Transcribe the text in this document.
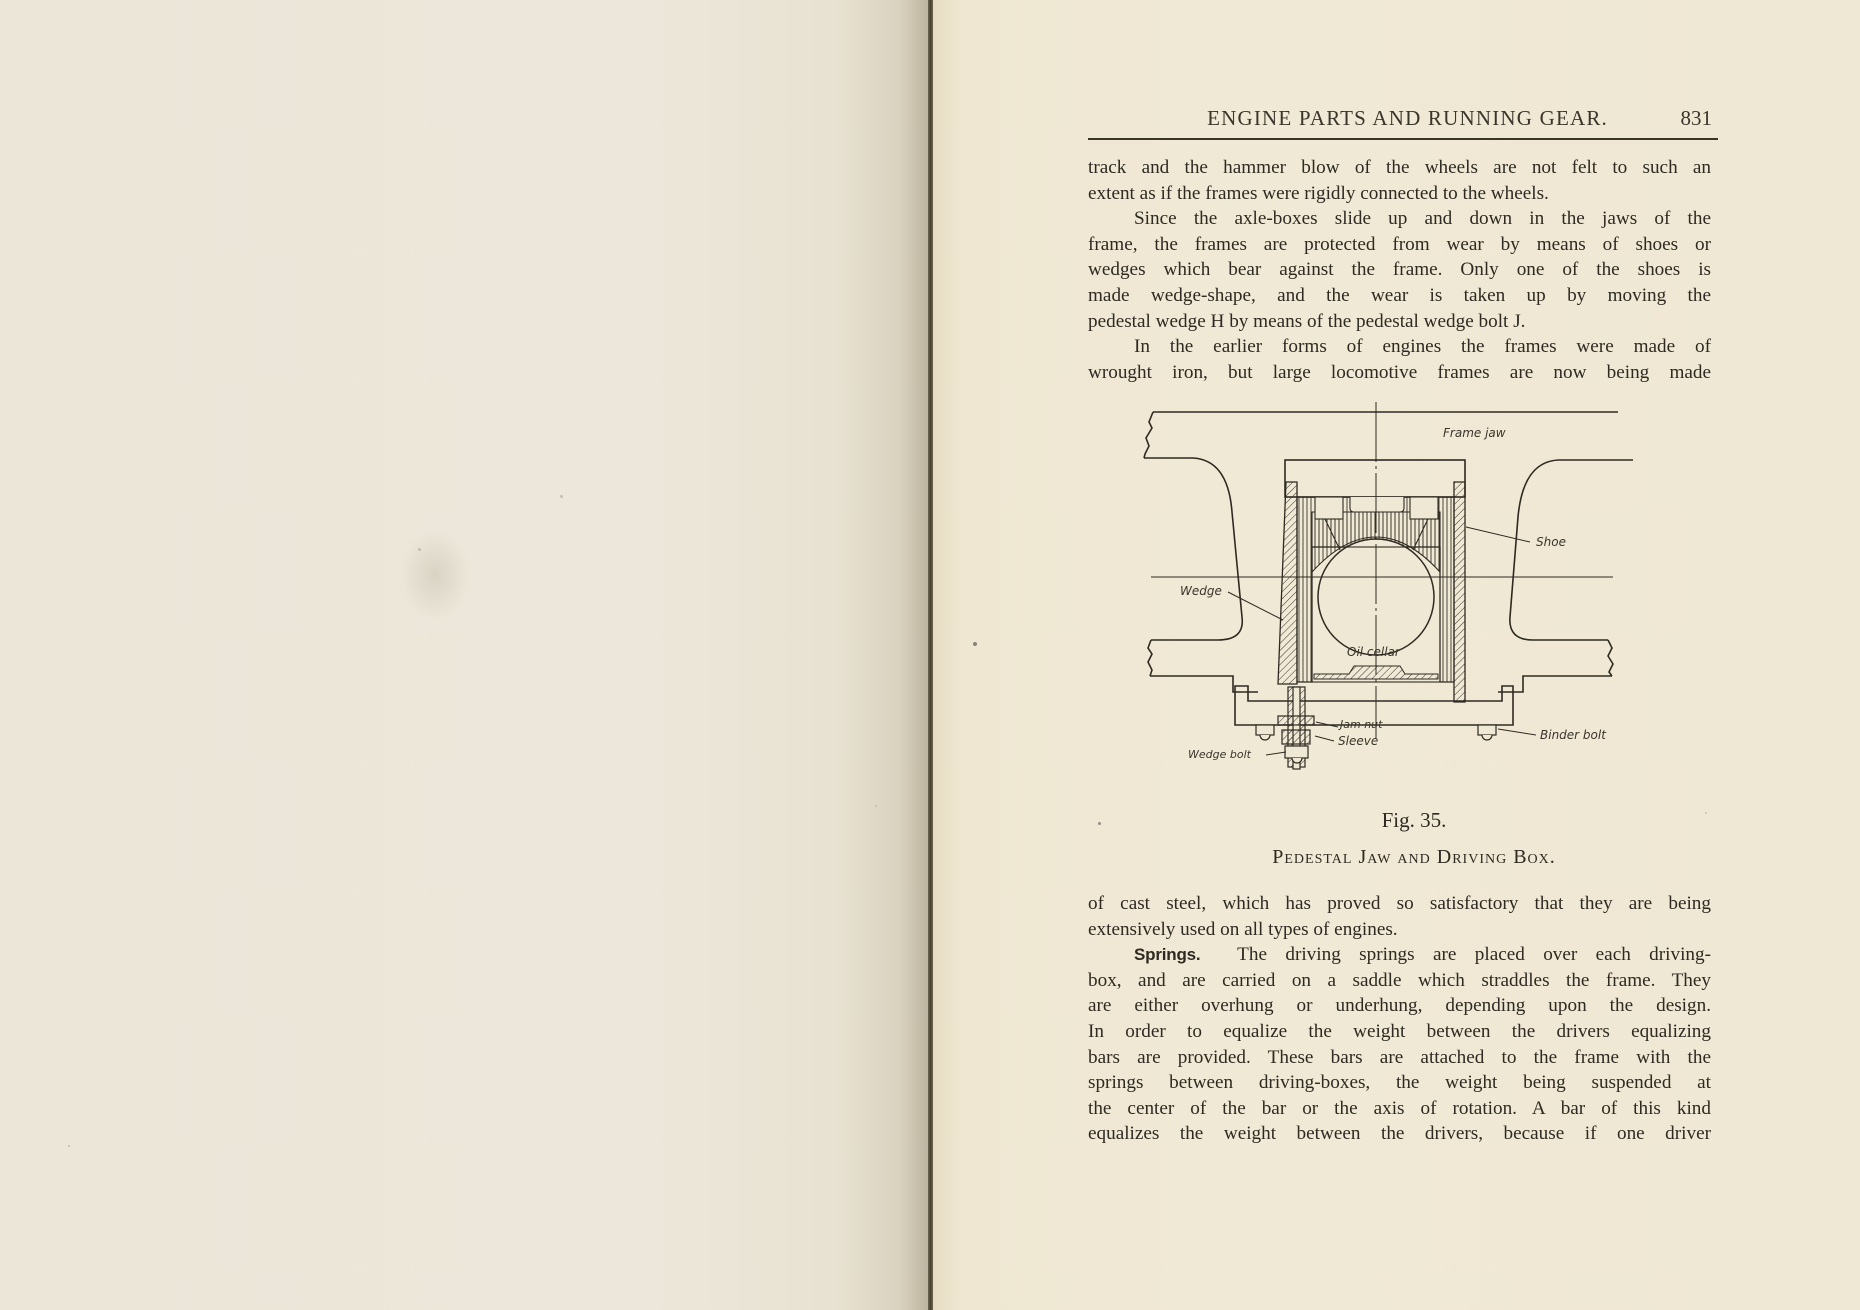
ENGINE PARTS AND RUNNING GEAR.	831
track and the hammer blow of the wheels are not felt to such an
extent as if the frames were rigidly connected to the wheels.
Since the axle-boxes slide up and down in the jaws of the
frame, the frames are protected from wear by means of shoes or
wedges which bear against the frame. Only one of the shoes is
made wedge-shape, and the wear is taken up by moving the
pedestal wedge H by means of the pedestal wedge bolt J.
In the earlier forms of engines the frames were made of
wrought iron, but large locomotive frames are now being made
Frame jaw
Shoe
Wedge
Oil cellar
Jam nut
Sleeve	Binder bolt
Wedge bolt
Fig. 35.
Pedestal Jaw and Driving Box.
of cast steel, which has proved so satisfactory that they are being
extensively used on all types of engines.
Springs. The driving springs are placed over each driving-
box, and are carried on a saddle which straddles the frame. They
are either overhung or underhung, depending upon the design.
In order to equalize the weight between the drivers equalizing
bars are provided. These bars are attached to the frame with the
springs between driving-boxes, the weight being suspended at
the center of the bar or the axis of rotation. A bar of this kind
equalizes the weight between the drivers, because if one driver
